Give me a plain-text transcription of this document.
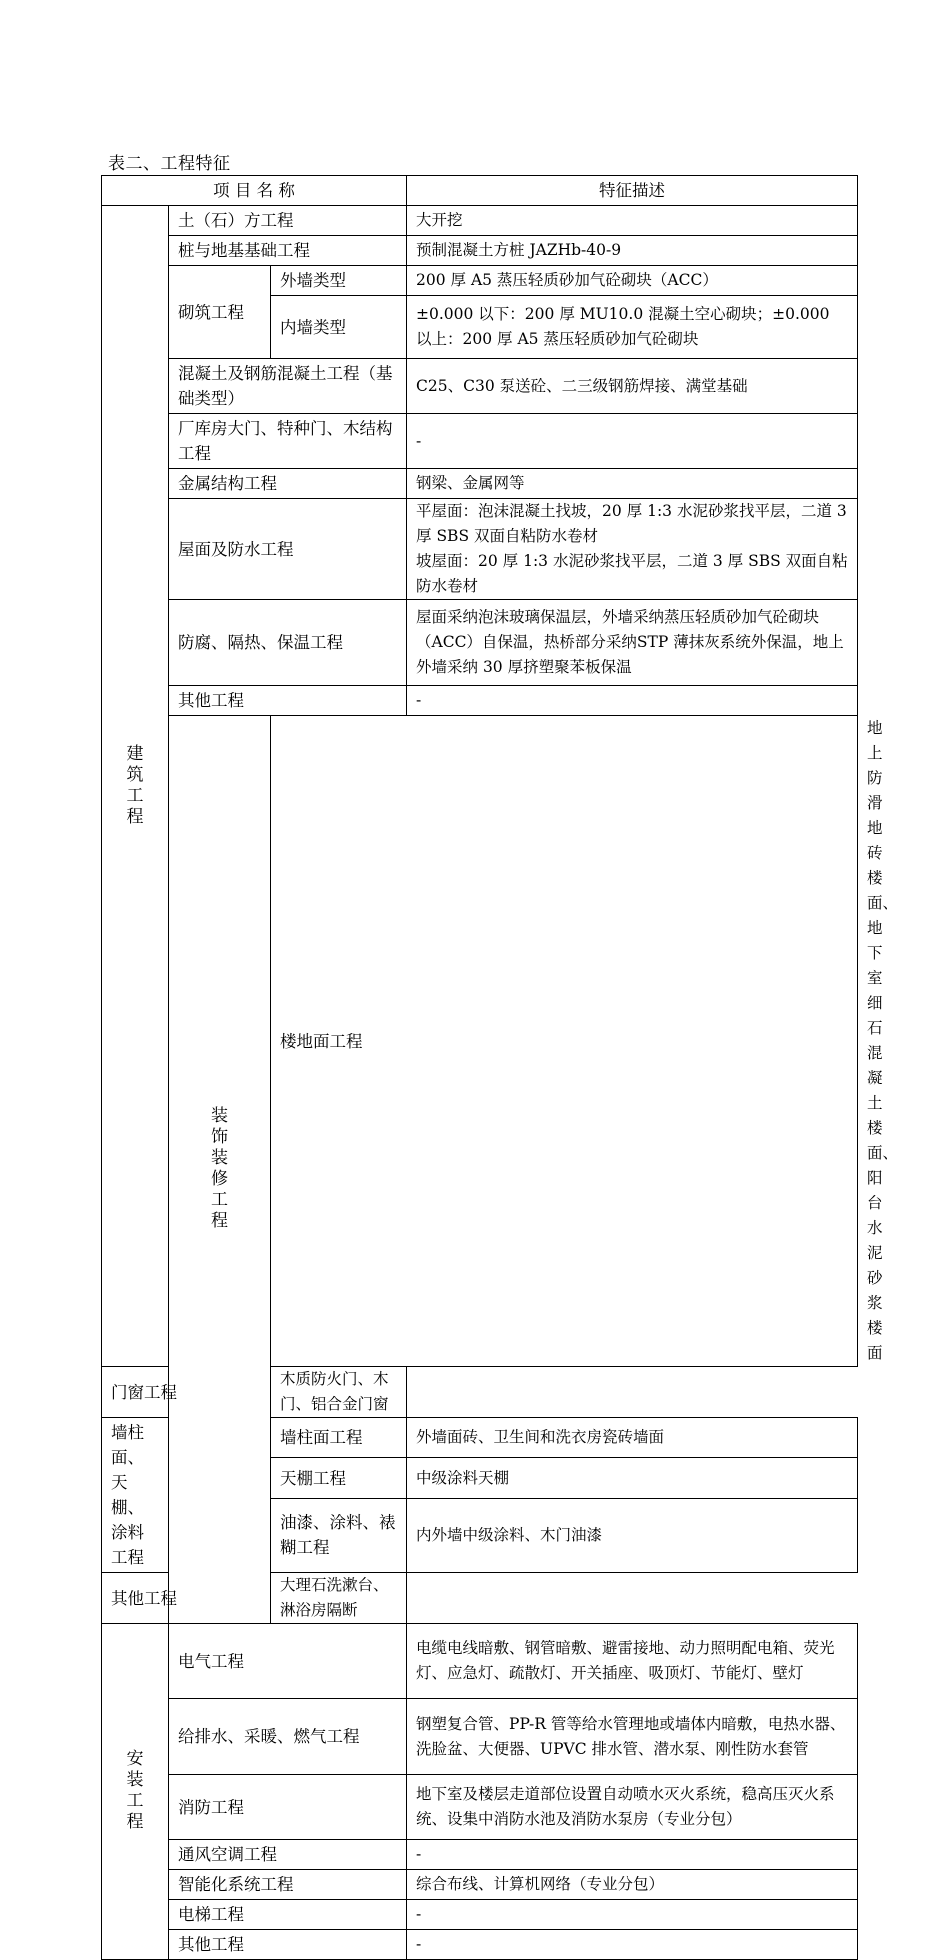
表二、工程特征
项 目 名 称			特征描述	
建筑工程	土（石）方工程		大开挖	
	桩与地基基础工程		预制混凝土方桩 JAZHb-40-9	
	砌筑工程	外墙类型	200 厚 A5 蒸压轻质砂加气砼砌块（ACC）	
		内墙类型	±0.000 以下：200 厚 MU10.0 混凝土空心砌块；±0.000 以上：200 厚 A5 蒸压轻质砂加气砼砌块	
	混凝土及钢筋混凝土工程（基础类型）		C25、C30 泵送砼、二三级钢筋焊接、满堂基础	
	厂库房大门、特种门、木结构工程		-	
	金属结构工程		钢梁、金属网等	
	屋面及防水工程		平屋面：泡沫混凝土找坡，20 厚 1:3 水泥砂浆找平层，二道 3 厚 SBS 双面自粘防水卷材
坡屋面：20 厚 1:3 水泥砂浆找平层，二道 3 厚 SBS 双面自粘防水卷材	

	防腐、隔热、保温工程		屋面采纳泡沫玻璃保温层，外墙采纳蒸压轻质砂加气砼砌块（ACC）自保温，热桥部分采纳STP 薄抹灰系统外保温，地上外墙采纳 30 厚挤塑聚苯板保温	
	其他工程		-	
	装饰装修工程	楼地面工程		地上防滑地砖楼面、地下室细石混凝土楼面、阳台水泥砂浆楼面
门窗工程		木质防火门、木门、铝合金门窗		
墙柱面、天棚、涂料工程		墙柱面工程	外墙面砖、卫生间和洗衣房瓷砖墙面	
		天棚工程	中级涂料天棚	
		油漆、涂料、裱糊工程	内外墙中级涂料、木门油漆	
其他工程		大理石洗漱台、淋浴房隔断		
安装工程	电气工程		电缆电线暗敷、钢管暗敷、避雷接地、动力照明配电箱、荧光灯、应急灯、疏散灯、开关插座、吸顶灯、节能灯、壁灯	
	给排水、采暖、燃气工程		钢塑复合管、PP-R 管等给水管理地或墙体内暗敷，电热水器、洗脸盆、大便器、UPVC 排水管、潜水泵、刚性防水套管	
	消防工程		地下室及楼层走道部位设置自动喷水灭火系统，稳高压灭火系统、设集中消防水池及消防水泵房（专业分包）	
	通风空调工程		-	
	智能化系统工程		综合布线、计算机网络（专业分包）	
	电梯工程		-	
	其他工程		-	
